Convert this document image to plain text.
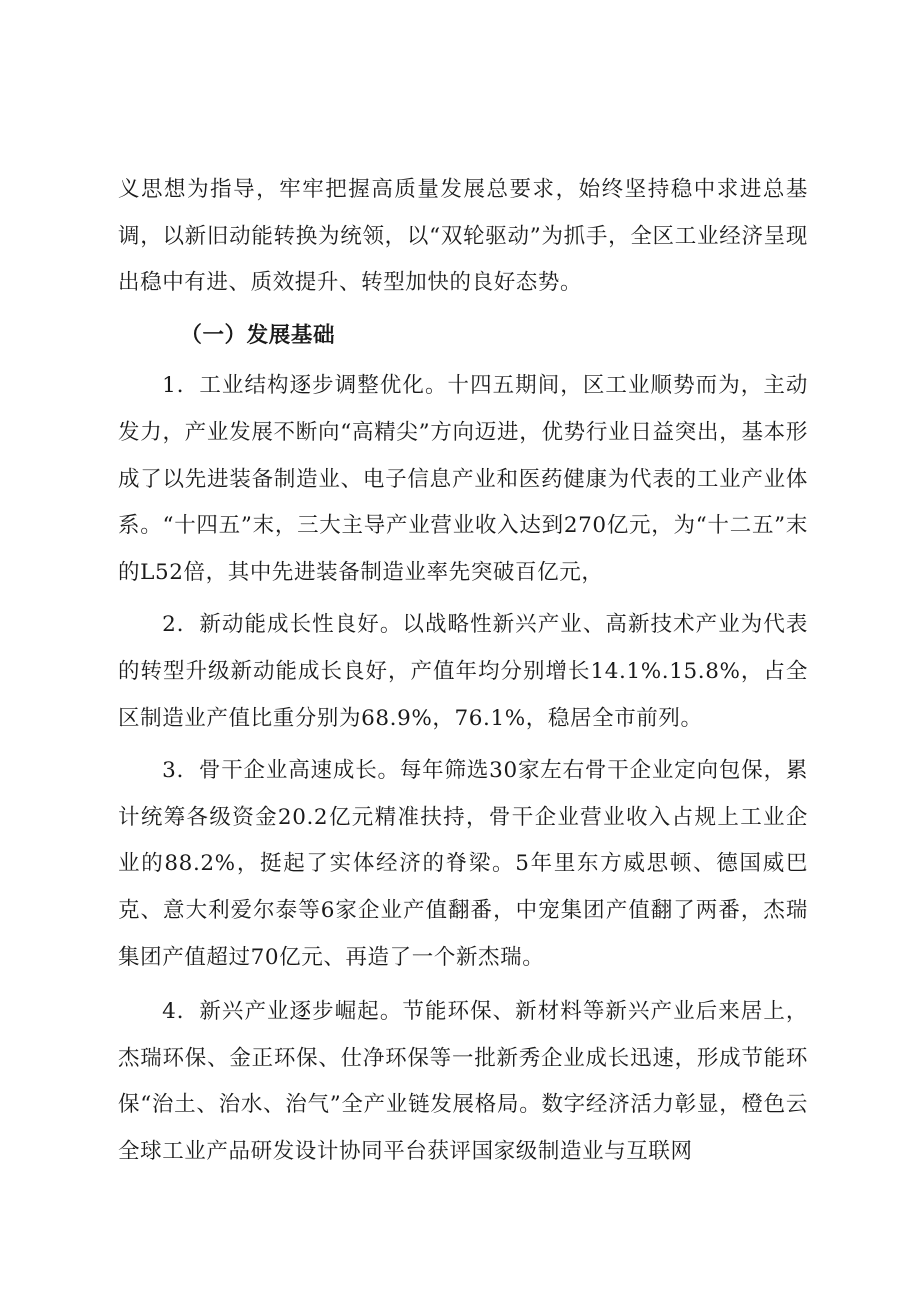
义思想为指导，牢牢把握高质量发展总要求，始终坚持稳中求进总基调，以新旧动能转换为统领，以“双轮驱动”为抓手，全区工业经济呈现出稳中有进、质效提升、转型加快的良好态势。

（一）发展基础

1．工业结构逐步调整优化。十四五期间，区工业顺势而为，主动发力，产业发展不断向“高精尖”方向迈进，优势行业日益突出，基本形成了以先进装备制造业、电子信息产业和医药健康为代表的工业产业体系。“十四五”末，三大主导产业营业收入达到270亿元，为“十二五”末的L52倍，其中先进装备制造业率先突破百亿元，

2．新动能成长性良好。以战略性新兴产业、高新技术产业为代表的转型升级新动能成长良好，产值年均分别增长14.1%.15.8%，占全区制造业产值比重分别为68.9%，76.1%，稳居全市前列。

3．骨干企业高速成长。每年筛选30家左右骨干企业定向包保，累计统筹各级资金20.2亿元精准扶持，骨干企业营业收入占规上工业企业的88.2%，挺起了实体经济的脊梁。5年里东方威思顿、德国威巴克、意大利爱尔泰等6家企业产值翻番，中宠集团产值翻了两番，杰瑞集团产值超过70亿元、再造了一个新杰瑞。

4．新兴产业逐步崛起。节能环保、新材料等新兴产业后来居上，杰瑞环保、金正环保、仕净环保等一批新秀企业成长迅速，形成节能环保“治土、治水、治气”全产业链发展格局。数字经济活力彰显，橙色云全球工业产品研发设计协同平台获评国家级制造业与互联网
